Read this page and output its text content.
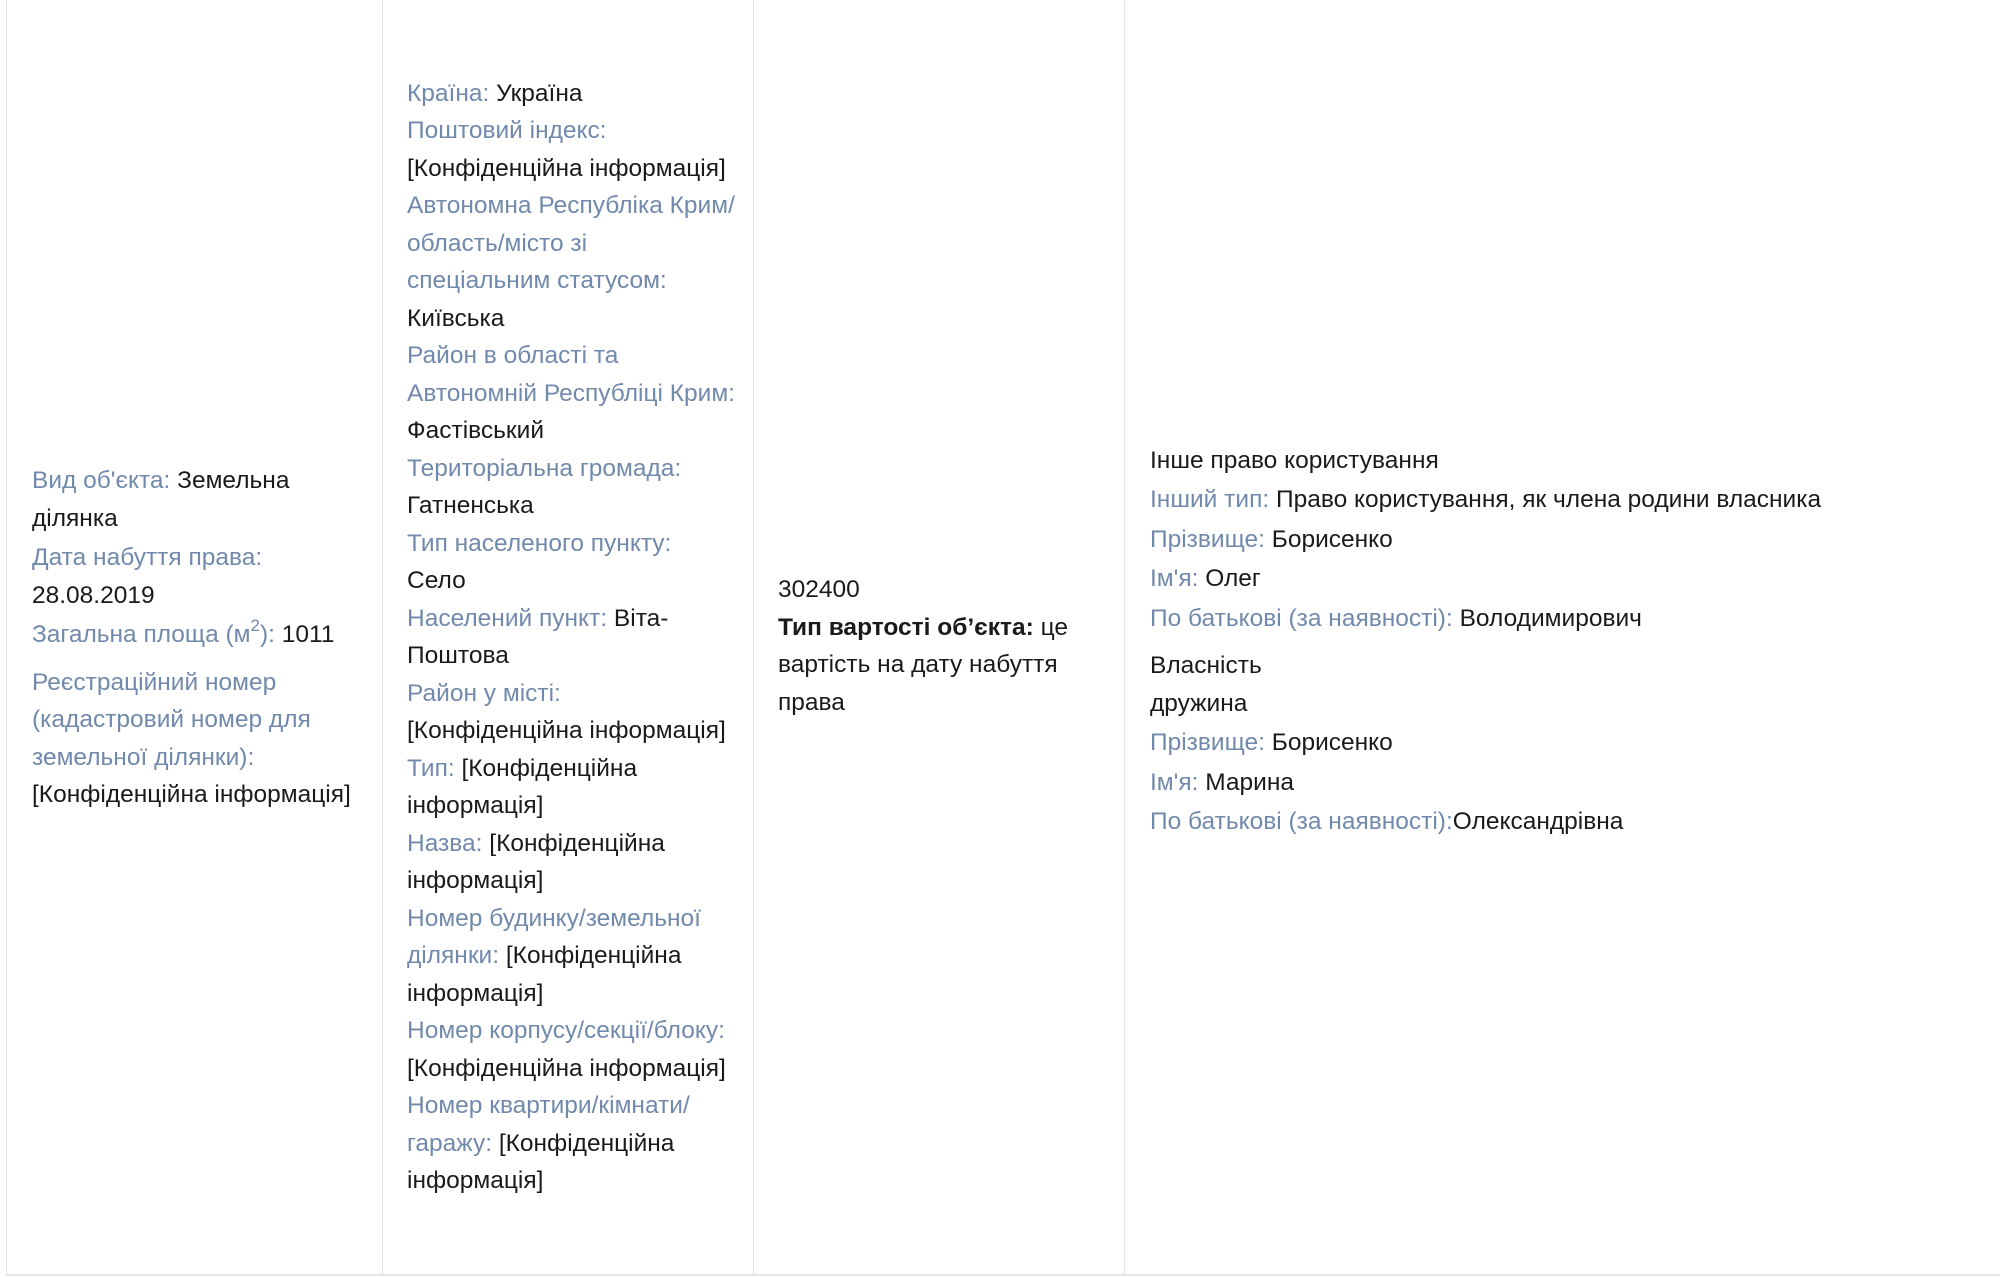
Вид об'єкта: Земельна ділянка

Дата набуття права: 28.08.2019

Загальна площа $(м^2)$: 1011

Реєстраційний номер (кадастровий номер для земельної ділянки): [Конфіденційна інформація]

Країна: Україна

Поштовий індекс: [Конфіденційна інформація]

Автономна Республіка Крим/область/місто зі спеціальним статусом: Київська

Район в області та Автономній Республіці Крим: Фастівський

Територіальна громада: Гатненська

Тип населеного пункту: Село

Населений пункт: Віта-Поштова

Район у місті: [Конфіденційна інформація]

Тип: [Конфіденційна інформація]

Назва: [Конфіденційна інформація]

Номер будинку/земельної ділянки: [Конфіденційна інформація]

Номер корпусу/секції/блоку: [Конфіденційна інформація]

Номер квартири/кімнати/гаражу: [Конфіденційна інформація]

302400

Тип вартості об’єкта: це вартість на дату набуття права

Інше право користування

Інший тип: Право користування, як члена родини власника

Прізвище: Борисенко

Ім'я: Олег

По батькові (за наявності): Володимирович

Власність

дружина

Прізвище: Борисенко

Ім'я: Марина

По батькові (за наявності):Олександрівна
